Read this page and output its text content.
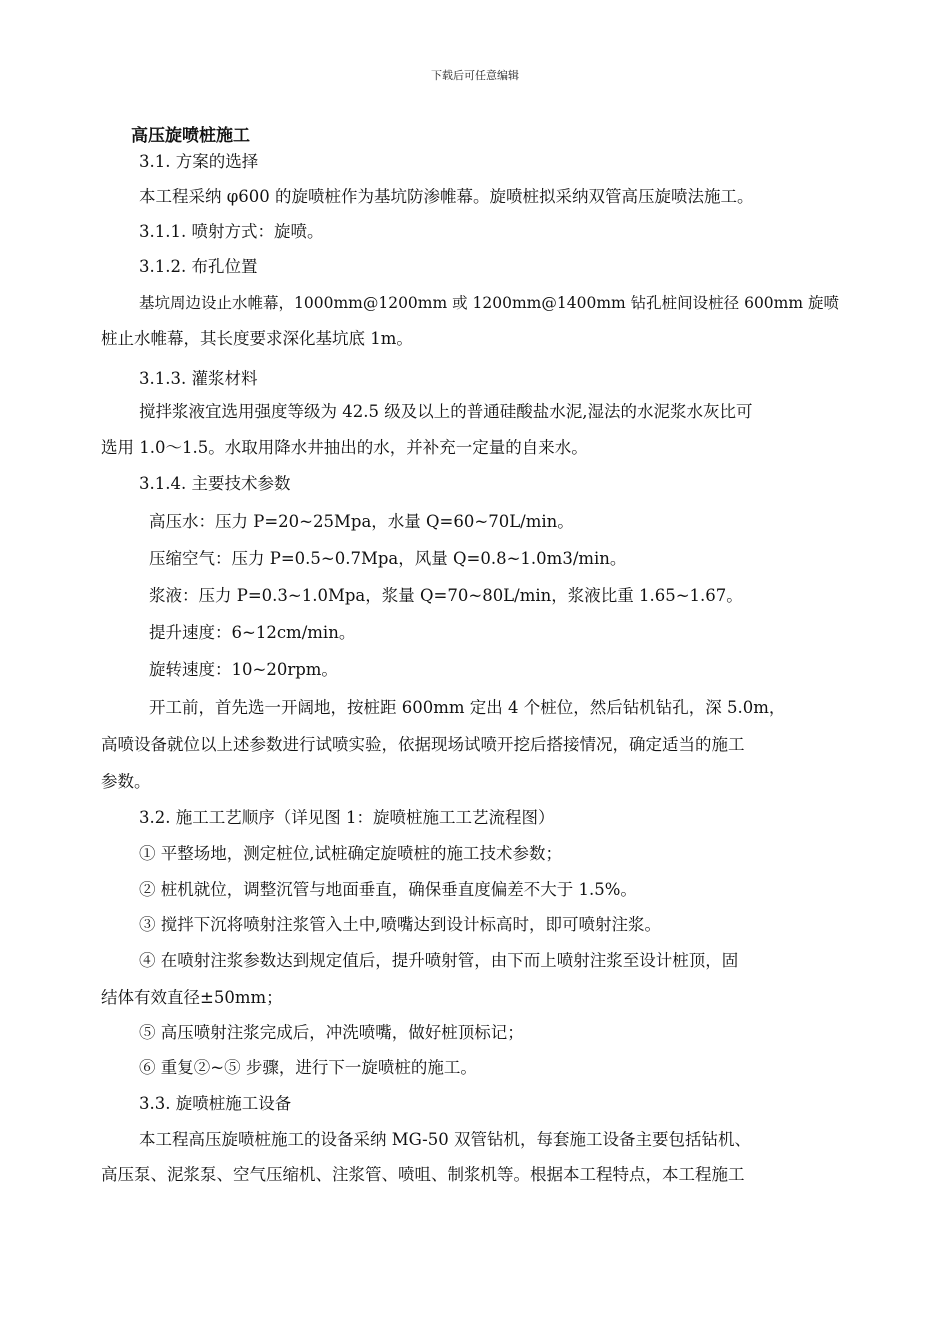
下载后可任意编辑
高压旋喷桩施工
3.1. 方案的选择
本工程采纳 φ600 的旋喷桩作为基坑防渗帷幕。旋喷桩拟采纳双管高压旋喷法施工。
3.1.1. 喷射方式：旋喷。
3.1.2. 布孔位置
基坑周边设止水帷幕，1000mm@1200mm 或 1200mm@1400mm 钻孔桩间设桩径 600mm 旋喷
桩止水帷幕，其长度要求深化基坑底 1m。
3.1.3. 灌浆材料
搅拌浆液宜选用强度等级为 42.5 级及以上的普通硅酸盐水泥,湿法的水泥浆水灰比可
选用 1.0～1.5。水取用降水井抽出的水，并补充一定量的自来水。
3.1.4. 主要技术参数
高压水：压力 P=20~25Mpa，水量 Q=60~70L/min。
压缩空气：压力 P=0.5~0.7Mpa，风量 Q=0.8~1.0m3/min。
浆液：压力 P=0.3~1.0Mpa，浆量 Q=70~80L/min，浆液比重 1.65~1.67。
提升速度：6~12cm/min。
旋转速度：10~20rpm。
开工前，首先选一开阔地，按桩距 600mm 定出 4 个桩位，然后钻机钻孔，深 5.0m，
高喷设备就位以上述参数进行试喷实验，依据现场试喷开挖后搭接情况，确定适当的施工
参数。
3.2. 施工工艺顺序（详见图 1：旋喷桩施工工艺流程图）
① 平整场地，测定桩位,试桩确定旋喷桩的施工技术参数；
② 桩机就位，调整沉管与地面垂直，确保垂直度偏差不大于 1.5%。
③ 搅拌下沉将喷射注浆管入土中,喷嘴达到设计标高时，即可喷射注浆。
④ 在喷射注浆参数达到规定值后，提升喷射管，由下而上喷射注浆至设计桩顶，固
结体有效直径±50mm；
⑤ 高压喷射注浆完成后，冲洗喷嘴，做好桩顶标记；
⑥ 重复②~⑤ 步骤，进行下一旋喷桩的施工。
3.3. 旋喷桩施工设备
本工程高压旋喷桩施工的设备采纳 MG-50 双管钻机，每套施工设备主要包括钻机、
高压泵、泥浆泵、空气压缩机、注浆管、喷咀、制浆机等。根据本工程特点，本工程施工
